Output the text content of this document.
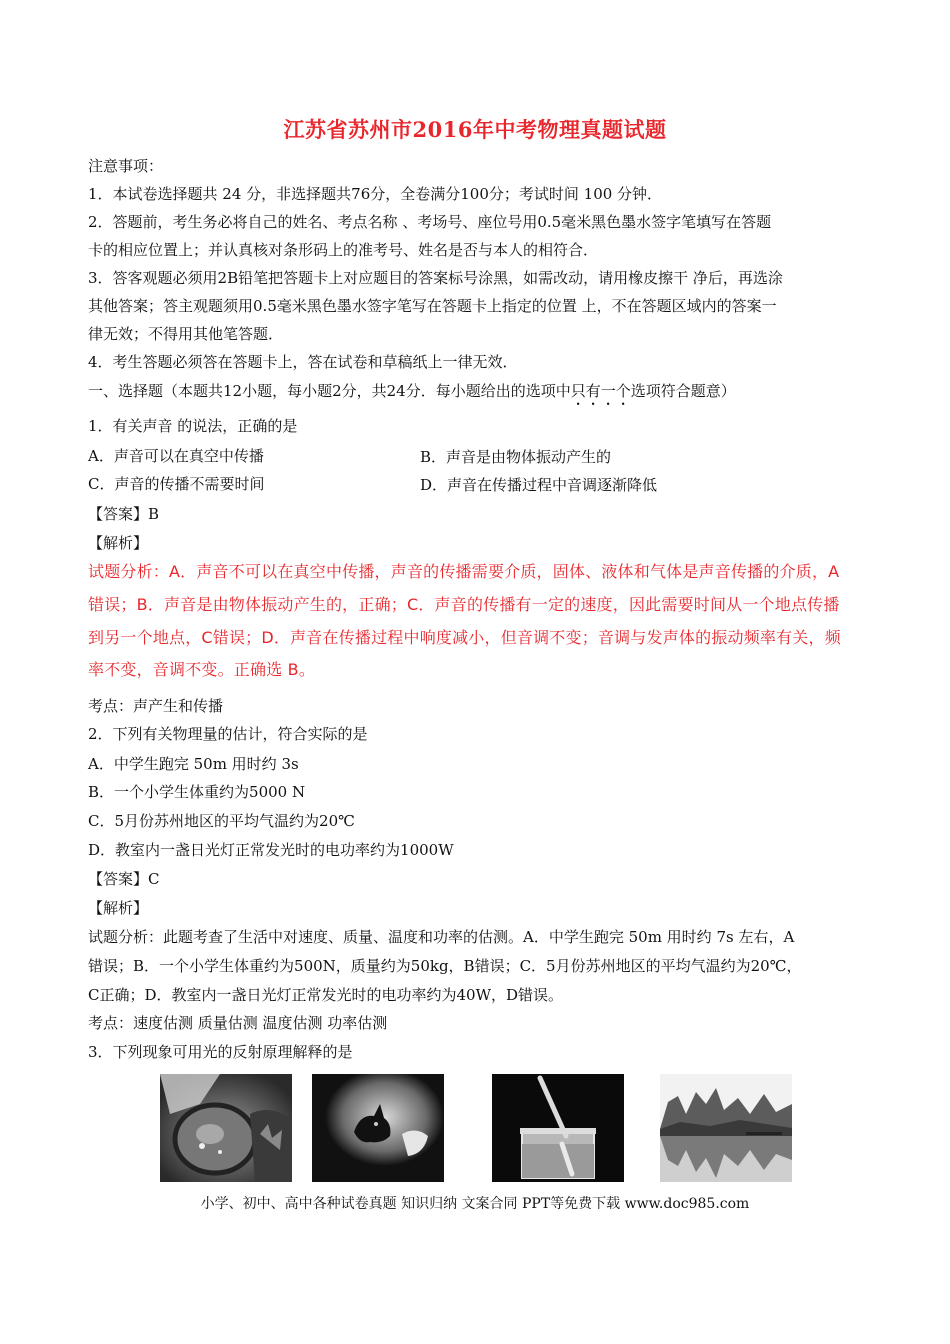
江苏省苏州市2016年中考物理真题试题
注意事项：
1．本试卷选择题共 24 分，非选择题共76分，全卷满分100分；考试时间 100 分钟．
2．答题前，考生务必将自己的姓名、考点名称 、考场号、座位号用0.5毫米黑色墨水签字笔填写在答题
卡的相应位置上；并认真核对条形码上的准考号、姓名是否与本人的相符合．
3．答客观题必须用2B铅笔把答题卡上对应题目的答案标号涂黑，如需改动，请用橡皮擦干 净后，再选涂
其他答案；答主观题须用0.5毫米黑色墨水签字笔写在答题卡上指定的位置 上，不在答题区域内的答案一
律无效；不得用其他笔答题．
4．考生答题必须答在答题卡上，答在试卷和草稿纸上一律无效．
一、选择题（本题共12小题，每小题2分，共24分．每小题给出的选项中只有一个选项符合题意）
1．有关声音 的说法，正确的是
A．声音可以在真空中传播	B．声音是由物体振动产生的
C．声音的传播不需要时间	D．声音在传播过程中音调逐渐降低
【答案】B
【解析】
试题分析：A．声音不可以在真空中传播，声音的传播需要介质，固体、液体和气体是声音传播的介质，A
错误；B．声音是由物体振动产生的，正确；C．声音的传播有一定的速度，因此需要时间从一个地点传播
到另一个地点，C错误；D．声音在传播过程中响度减小，但音调不变；音调与发声体的振动频率有关，频
率不变，音调不变。正确选 B。
考点：声产生和传播
2．下列有关物理量的估计，符合实际的是
A．中学生跑完 50m 用时约 3s
B．一个小学生体重约为5000 N
C．5月份苏州地区的平均气温约为20℃
D．教室内一盏日光灯正常发光时的电功率约为1000W
【答案】C
【解析】
试题分析：此题考查了生活中对速度、质量、温度和功率的估测。A．中学生跑完 50m 用时约 7s 左右，A
错误；B．一个小学生体重约为500N，质量约为50kg，B错误；C．5月份苏州地区的平均气温约为20℃，
C正确；D．教室内一盏日光灯正常发光时的电功率约为40W，D错误。
考点：速度估测 质量估测 温度估测 功率估测
3．下列现象可用光的反射原理解释的是
小学、初中、高中各种试卷真题 知识归纳 文案合同 PPT等免费下载 www.doc985.com
